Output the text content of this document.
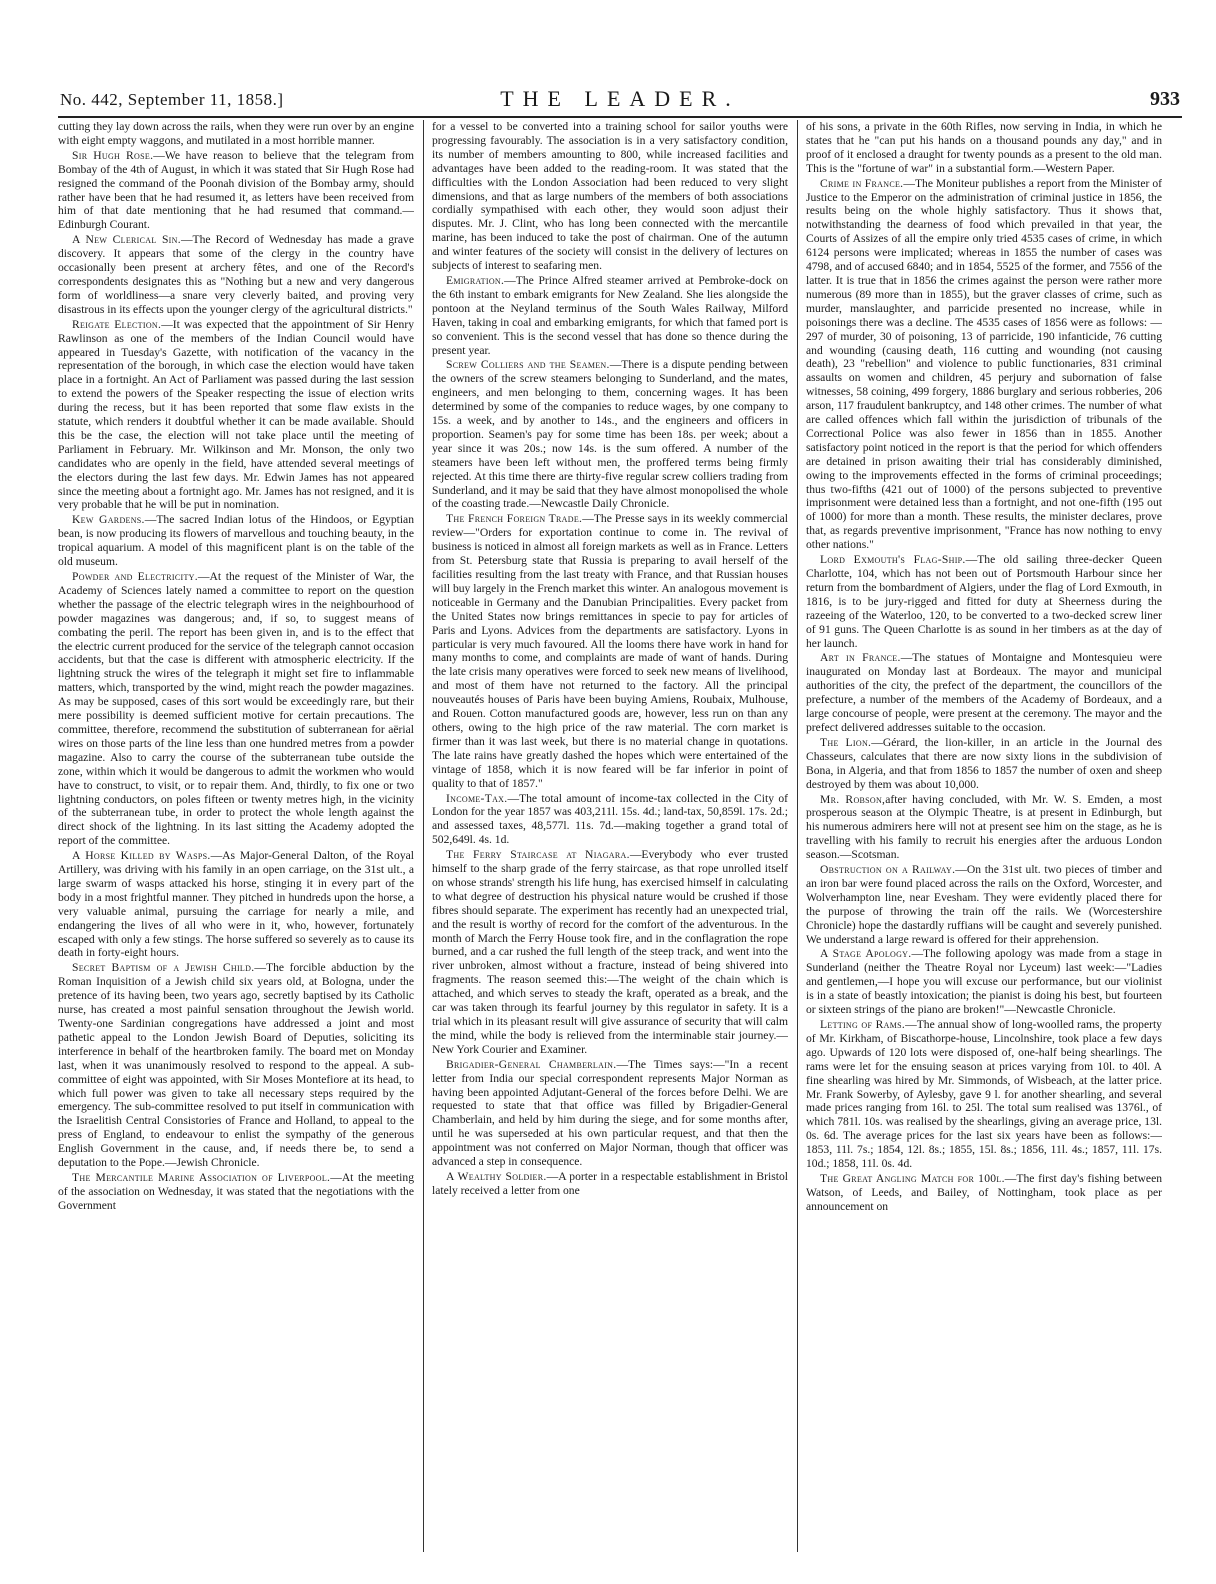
No. 442, September 11, 1858.]	THE LEADER.	933

cutting they lay down across the rails, when they were run over by an engine with eight empty waggons, and mutilated in a most horrible manner.

Sir Hugh Rose.—We have reason to believe that the telegram from Bombay of the 4th of August, in which it was stated that Sir Hugh Rose had resigned the command of the Poonah division of the Bombay army, should rather have been that he had resumed it, as letters have been received from him of that date mentioning that he had resumed that command.—Edinburgh Courant.

A New Clerical Sin.—The Record of Wednesday has made a grave discovery. It appears that some of the clergy in the country have occasionally been present at archery fêtes, and one of the Record's correspondents designates this as "Nothing but a new and very dangerous form of worldliness—a snare very cleverly baited, and proving very disastrous in its effects upon the younger clergy of the agricultural districts."

Reigate Election.—It was expected that the appointment of Sir Henry Rawlinson as one of the members of the Indian Council would have appeared in Tuesday's Gazette, with notification of the vacancy in the representation of the borough, in which case the election would have taken place in a fortnight. An Act of Parliament was passed during the last session to extend the powers of the Speaker respecting the issue of election writs during the recess, but it has been reported that some flaw exists in the statute, which renders it doubtful whether it can be made available. Should this be the case, the election will not take place until the meeting of Parliament in February. Mr. Wilkinson and Mr. Monson, the only two candidates who are openly in the field, have attended several meetings of the electors during the last few days. Mr. Edwin James has not appeared since the meeting about a fortnight ago. Mr. James has not resigned, and it is very probable that he will be put in nomination.

Kew Gardens.—The sacred Indian lotus of the Hindoos, or Egyptian bean, is now producing its flowers of marvellous and touching beauty, in the tropical aquarium. A model of this magnificent plant is on the table of the old museum.

Powder and Electricity.—At the request of the Minister of War, the Academy of Sciences lately named a committee to report on the question whether the passage of the electric telegraph wires in the neighbourhood of powder magazines was dangerous; and, if so, to suggest means of combating the peril. The report has been given in, and is to the effect that the electric current produced for the service of the telegraph cannot occasion accidents, but that the case is different with atmospheric electricity. If the lightning struck the wires of the telegraph it might set fire to inflammable matters, which, transported by the wind, might reach the powder magazines. As may be supposed, cases of this sort would be exceedingly rare, but their mere possibility is deemed sufficient motive for certain precautions. The committee, therefore, recommend the substitution of subterranean for aërial wires on those parts of the line less than one hundred metres from a powder magazine. Also to carry the course of the subterranean tube outside the zone, within which it would be dangerous to admit the workmen who would have to construct, to visit, or to repair them. And, thirdly, to fix one or two lightning conductors, on poles fifteen or twenty metres high, in the vicinity of the subterranean tube, in order to protect the whole length against the direct shock of the lightning. In its last sitting the Academy adopted the report of the committee.

A Horse Killed by Wasps.—As Major-General Dalton, of the Royal Artillery, was driving with his family in an open carriage, on the 31st ult., a large swarm of wasps attacked his horse, stinging it in every part of the body in a most frightful manner. They pitched in hundreds upon the horse, a very valuable animal, pursuing the carriage for nearly a mile, and endangering the lives of all who were in it, who, however, fortunately escaped with only a few stings. The horse suffered so severely as to cause its death in forty-eight hours.

Secret Baptism of a Jewish Child.—The forcible abduction by the Roman Inquisition of a Jewish child six years old, at Bologna, under the pretence of its having been, two years ago, secretly baptised by its Catholic nurse, has created a most painful sensation throughout the Jewish world. Twenty-one Sardinian congregations have addressed a joint and most pathetic appeal to the London Jewish Board of Deputies, soliciting its interference in behalf of the heartbroken family. The board met on Monday last, when it was unanimously resolved to respond to the appeal. A sub-committee of eight was appointed, with Sir Moses Montefiore at its head, to which full power was given to take all necessary steps required by the emergency. The sub-committee resolved to put itself in communication with the Israelitish Central Consistories of France and Holland, to appeal to the press of England, to endeavour to enlist the sympathy of the generous English Government in the cause, and, if needs there be, to send a deputation to the Pope.—Jewish Chronicle.

The Mercantile Marine Association of Liverpool.—At the meeting of the association on Wednesday, it was stated that the negotiations with the Government

for a vessel to be converted into a training school for sailor youths were progressing favourably. The association is in a very satisfactory condition, its number of members amounting to 800, while increased facilities and advantages have been added to the reading-room. It was stated that the difficulties with the London Association had been reduced to very slight dimensions, and that as large numbers of the members of both associations cordially sympathised with each other, they would soon adjust their disputes. Mr. J. Clint, who has long been connected with the mercantile marine, has been induced to take the post of chairman. One of the autumn and winter features of the society will consist in the delivery of lectures on subjects of interest to seafaring men.

Emigration.—The Prince Alfred steamer arrived at Pembroke-dock on the 6th instant to embark emigrants for New Zealand. She lies alongside the pontoon at the Neyland terminus of the South Wales Railway, Milford Haven, taking in coal and embarking emigrants, for which that famed port is so convenient. This is the second vessel that has done so thence during the present year.

Screw Colliers and the Seamen.—There is a dispute pending between the owners of the screw steamers belonging to Sunderland, and the mates, engineers, and men belonging to them, concerning wages. It has been determined by some of the companies to reduce wages, by one company to 15s. a week, and by another to 14s., and the engineers and officers in proportion. Seamen's pay for some time has been 18s. per week; about a year since it was 20s.; now 14s. is the sum offered. A number of the steamers have been left without men, the proffered terms being firmly rejected. At this time there are thirty-five regular screw colliers trading from Sunderland, and it may be said that they have almost monopolised the whole of the coasting trade.—Newcastle Daily Chronicle.

The French Foreign Trade.—The Presse says in its weekly commercial review—"Orders for exportation continue to come in. The revival of business is noticed in almost all foreign markets as well as in France. Letters from St. Petersburg state that Russia is preparing to avail herself of the facilities resulting from the last treaty with France, and that Russian houses will buy largely in the French market this winter. An analogous movement is noticeable in Germany and the Danubian Principalities. Every packet from the United States now brings remittances in specie to pay for articles of Paris and Lyons. Advices from the departments are satisfactory. Lyons in particular is very much favoured. All the looms there have work in hand for many months to come, and complaints are made of want of hands. During the late crisis many operatives were forced to seek new means of livelihood, and most of them have not returned to the factory. All the principal nouveautés houses of Paris have been buying Amiens, Roubaix, Mulhouse, and Rouen. Cotton manufactured goods are, however, less run on than any others, owing to the high price of the raw material. The corn market is firmer than it was last week, but there is no material change in quotations. The late rains have greatly dashed the hopes which were entertained of the vintage of 1858, which it is now feared will be far inferior in point of quality to that of 1857."

Income-Tax.—The total amount of income-tax collected in the City of London for the year 1857 was 403,211l. 15s. 4d.; land-tax, 50,859l. 17s. 2d.; and assessed taxes, 48,577l. 11s. 7d.—making together a grand total of 502,649l. 4s. 1d.

The Ferry Staircase at Niagara.—Everybody who ever trusted himself to the sharp grade of the ferry staircase, as that rope unrolled itself on whose strands' strength his life hung, has exercised himself in calculating to what degree of destruction his physical nature would be crushed if those fibres should separate. The experiment has recently had an unexpected trial, and the result is worthy of record for the comfort of the adventurous. In the month of March the Ferry House took fire, and in the conflagration the rope burned, and a car rushed the full length of the steep track, and went into the river unbroken, almost without a fracture, instead of being shivered into fragments. The reason seemed this:—The weight of the chain which is attached, and which serves to steady the kraft, operated as a break, and the car was taken through its fearful journey by this regulator in safety. It is a trial which in its pleasant result will give assurance of security that will calm the mind, while the body is relieved from the interminable stair journey.—New York Courier and Examiner.

Brigadier-General Chamberlain.—The Times says:—"In a recent letter from India our special correspondent represents Major Norman as having been appointed Adjutant-General of the forces before Delhi. We are requested to state that that office was filled by Brigadier-General Chamberlain, and held by him during the siege, and for some months after, until he was superseded at his own particular request, and that then the appointment was not conferred on Major Norman, though that officer was advanced a step in consequence.

A Wealthy Soldier.—A porter in a respectable establishment in Bristol lately received a letter from one

of his sons, a private in the 60th Rifles, now serving in India, in which he states that he "can put his hands on a thousand pounds any day," and in proof of it enclosed a draught for twenty pounds as a present to the old man. This is the "fortune of war" in a substantial form.—Western Paper.

Crime in France.—The Moniteur publishes a report from the Minister of Justice to the Emperor on the administration of criminal justice in 1856, the results being on the whole highly satisfactory. Thus it shows that, notwithstanding the dearness of food which prevailed in that year, the Courts of Assizes of all the empire only tried 4535 cases of crime, in which 6124 persons were implicated; whereas in 1855 the number of cases was 4798, and of accused 6840; and in 1854, 5525 of the former, and 7556 of the latter. It is true that in 1856 the crimes against the person were rather more numerous (89 more than in 1855), but the graver classes of crime, such as murder, manslaughter, and parricide presented no increase, while in poisonings there was a decline. The 4535 cases of 1856 were as follows: —297 of murder, 30 of poisoning, 13 of parricide, 190 infanticide, 76 cutting and wounding (causing death, 116 cutting and wounding (not causing death), 23 "rebellion" and violence to public functionaries, 831 criminal assaults on women and children, 45 perjury and subornation of false witnesses, 58 coining, 499 forgery, 1886 burglary and serious robberies, 206 arson, 117 fraudulent bankruptcy, and 148 other crimes. The number of what are called offences which fall within the jurisdiction of tribunals of the Correctional Police was also fewer in 1856 than in 1855. Another satisfactory point noticed in the report is that the period for which offenders are detained in prison awaiting their trial has considerably diminished, owing to the improvements effected in the forms of criminal proceedings; thus two-fifths (421 out of 1000) of the persons subjected to preventive imprisonment were detained less than a fortnight, and not one-fifth (195 out of 1000) for more than a month. These results, the minister declares, prove that, as regards preventive imprisonment, "France has now nothing to envy other nations."

Lord Exmouth's Flag-Ship.—The old sailing three-decker Queen Charlotte, 104, which has not been out of Portsmouth Harbour since her return from the bombardment of Algiers, under the flag of Lord Exmouth, in 1816, is to be jury-rigged and fitted for duty at Sheerness during the razeeing of the Waterloo, 120, to be converted to a two-decked screw liner of 91 guns. The Queen Charlotte is as sound in her timbers as at the day of her launch.

Art in France.—The statues of Montaigne and Montesquieu were inaugurated on Monday last at Bordeaux. The mayor and municipal authorities of the city, the prefect of the department, the councillors of the prefecture, a number of the members of the Academy of Bordeaux, and a large concourse of people, were present at the ceremony. The mayor and the prefect delivered addresses suitable to the occasion.

The Lion.—Gérard, the lion-killer, in an article in the Journal des Chasseurs, calculates that there are now sixty lions in the subdivision of Bona, in Algeria, and that from 1856 to 1857 the number of oxen and sheep destroyed by them was about 10,000.

Mr. Robson,after having concluded, with Mr. W. S. Emden, a most prosperous season at the Olympic Theatre, is at present in Edinburgh, but his numerous admirers here will not at present see him on the stage, as he is travelling with his family to recruit his energies after the arduous London season.—Scotsman.

Obstruction on a Railway.—On the 31st ult. two pieces of timber and an iron bar were found placed across the rails on the Oxford, Worcester, and Wolverhampton line, near Evesham. They were evidently placed there for the purpose of throwing the train off the rails. We (Worcestershire Chronicle) hope the dastardly ruffians will be caught and severely punished. We understand a large reward is offered for their apprehension.

A Stage Apology.—The following apology was made from a stage in Sunderland (neither the Theatre Royal nor Lyceum) last week:—"Ladies and gentlemen,—I hope you will excuse our performance, but our violinist is in a state of beastly intoxication; the pianist is doing his best, but fourteen or sixteen strings of the piano are broken!"—Newcastle Chronicle.

Letting of Rams.—The annual show of long-woolled rams, the property of Mr. Kirkham, of Biscathorpe-house, Lincolnshire, took place a few days ago. Upwards of 120 lots were disposed of, one-half being shearlings. The rams were let for the ensuing season at prices varying from 10l. to 40l. A fine shearling was hired by Mr. Simmonds, of Wisbeach, at the latter price. Mr. Frank Sowerby, of Aylesby, gave 9 l. for another shearling, and several made prices ranging from 16l. to 25l. The total sum realised was 1376l., of which 781l. 10s. was realised by the shearlings, giving an average price, 13l. 0s. 6d. The average prices for the last six years have been as follows:—1853, 11l. 7s.; 1854, 12l. 8s.; 1855, 15l. 8s.; 1856, 11l. 4s.; 1857, 11l. 17s. 10d.; 1858, 11l. 0s. 4d.

The Great Angling Match for 100l.—The first day's fishing between Watson, of Leeds, and Bailey, of Nottingham, took place as per announcement on
